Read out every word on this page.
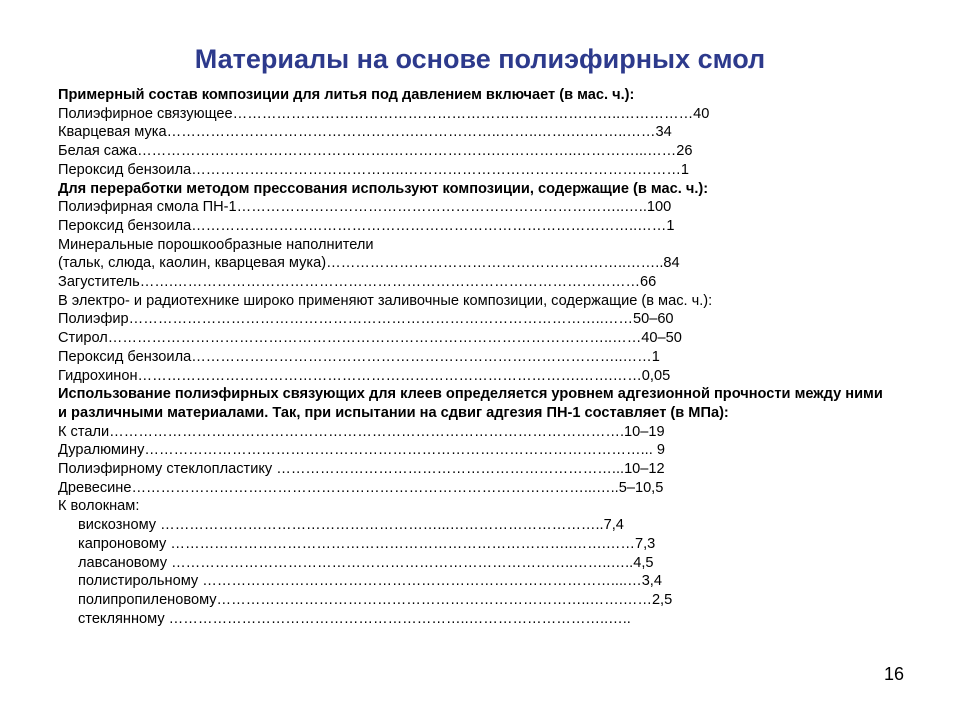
Материалы на основе полиэфирных смол
Примерный состав композиции для литья под давлением включает (в мас. ч.):
Полиэфирное связующее……………………………………………………………………..……………40
Кварцевая мука…………………………………………….……………..……..…….….……..……34
Белая сажа…………………………………………….………………….……………..…………...……26
Пероксид бензоила……………………………………..…………………………………………………1
Для переработки методом прессования используют композиции, содержащие (в мас. ч.):
Полиэфирная смола ПН-1……………………………………………………………………..…..100
Пероксид бензоила………………………………………………………………………………..……1
Минеральные порошкообразные наполнители
(тальк, слюда, каолин, кварцевая мука)……………………………………………………..……..84
Загуститель…….……………………………………………………………………………………66
В электро- и радиотехнике широко применяют заливочные композиции, содержащие (в мас. ч.):
Полиэфир……………………………………………………………………………………..……50–60
Стирол…………………………………………………………………………………………..……40–50
Пероксид бензоила……………………………………………………………………………..……1
Гидрохинон……………………………………………………………………………….…….……0,05
Использование полиэфирных связующих для клеев определяется уровнем адгезионной прочности между ними
и различными материалами. Так, при испытании на сдвиг адгезия ПН-1 составляет (в МПа):
К стали…………………………………………………………………………………………….10–19
Дуралюмину…………………………………………………………………………………………... 9
Полиэфирному стеклопластику ……………………………………………………………...10–12
Древесине…………………………………………………………………………………...…..5–10,5
К волокнам:
вискозному …………………………………………………...…………………………..7,4
капроновому ………………………………………………………………………..…….……7,3
лавсановому ………………………………………………………………………..……..…..4,5
полистирольному …………………………………………………………………………....…3,4
полипропиленовому…………………………………………………………………..…….……2,5
стеклянному ……………………………………………………..………………………..…..
16
